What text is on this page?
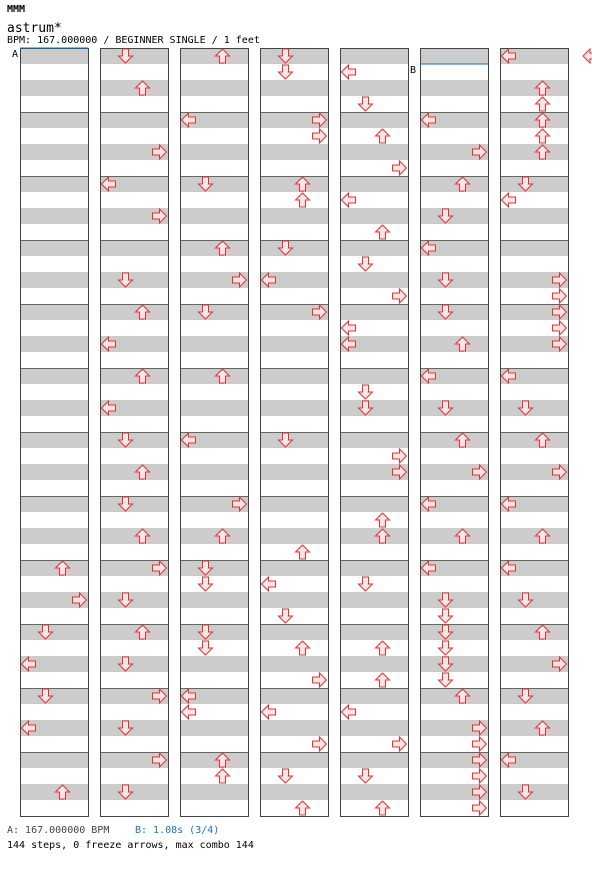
MMM
astrum*
BPM: 167.000000 / BEGINNER SINGLE / 1 feet
A
B
A: 167.000000 BPM	B: 1.08s (3/4)
144 steps, 0 freeze arrows, max combo 144
